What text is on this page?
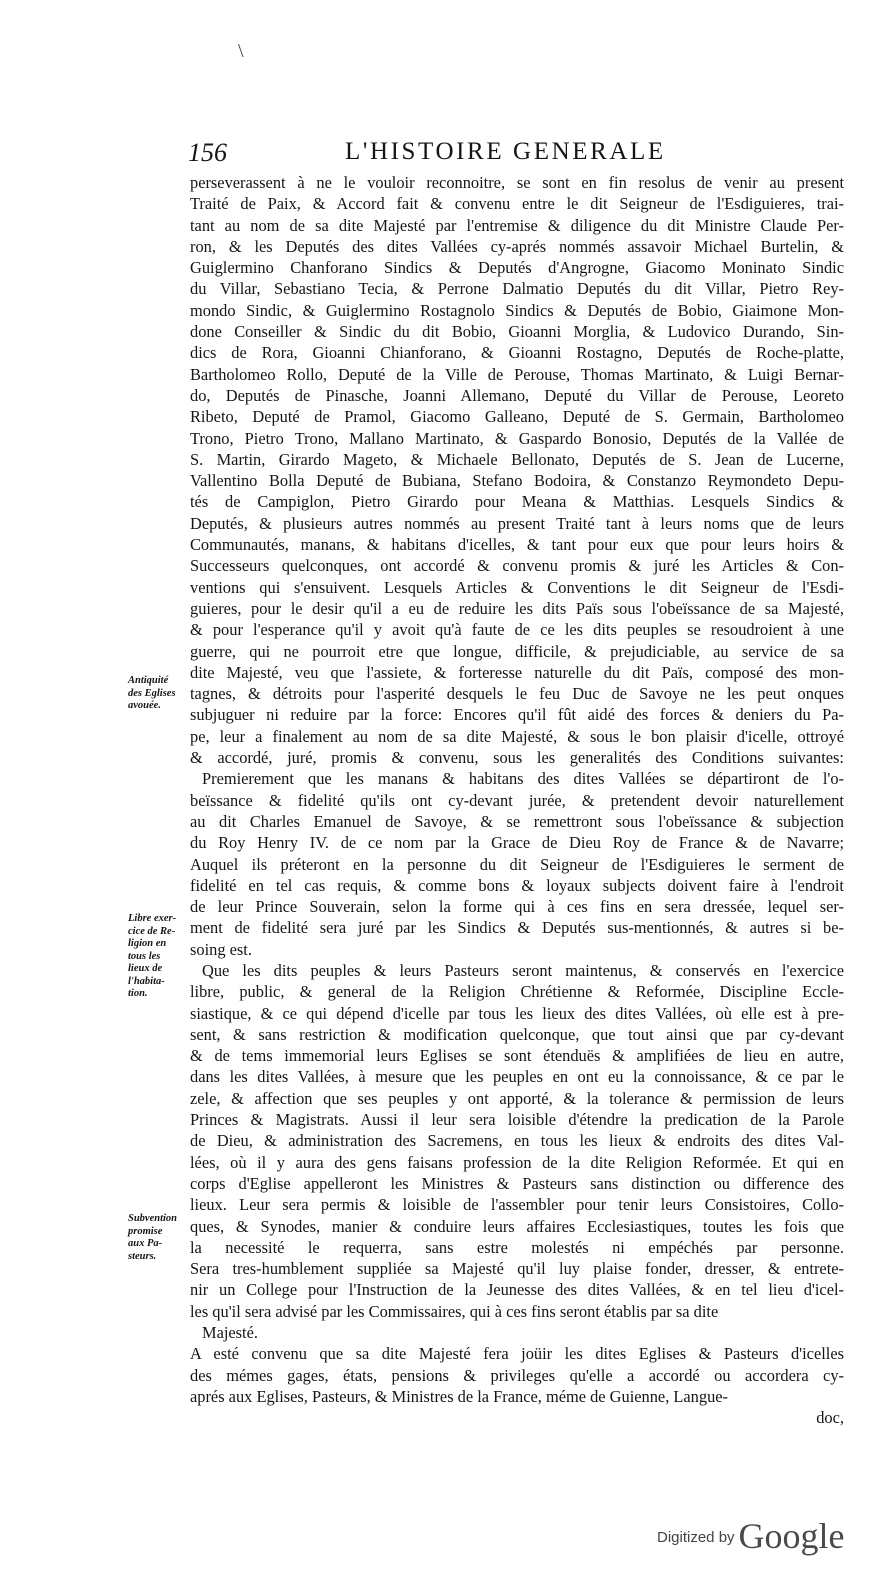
\
156	L'HISTOIRE GENERALE
Antiquité
des Eglises
avouée.
Libre exer-
cice de Re-
ligion en
tous les
lieux de
l'habita-
tion.
Subvention
promise
aux Pa-
steurs.
perseverassent à ne le vouloir reconnoitre, se sont en fin resolus de venir au present
Traité de Paix, & Accord fait & convenu entre le dit Seigneur de l'Esdiguieres, trai-
tant au nom de sa dite Majesté par l'entremise & diligence du dit Ministre Claude Per-
ron, & les Deputés des dites Vallées cy-aprés nommés assavoir Michael Burtelin, &
Guiglermino Chanforano Sindics & Deputés d'Angrogne, Giacomo Moninato Sindic
du Villar, Sebastiano Tecia, & Perrone Dalmatio Deputés du dit Villar, Pietro Rey-
mondo Sindic, & Guiglermino Rostagnolo Sindics & Deputés de Bobio, Giaimone Mon-
done Conseiller & Sindic du dit Bobio, Gioanni Morglia, & Ludovico Durando, Sin-
dics de Rora, Gioanni Chianforano, & Gioanni Rostagno, Deputés de Roche-platte,
Bartholomeo Rollo, Deputé de la Ville de Perouse, Thomas Martinato, & Luigi Bernar-
do, Deputés de Pinasche, Joanni Allemano, Deputé du Villar de Perouse, Leoreto
Ribeto, Deputé de Pramol, Giacomo Galleano, Deputé de S. Germain, Bartholomeo
Trono, Pietro Trono, Mallano Martinato, & Gaspardo Bonosio, Deputés de la Vallée de
S. Martin, Girardo Mageto, & Michaele Bellonato, Deputés de S. Jean de Lucerne,
Vallentino Bolla Deputé de Bubiana, Stefano Bodoira, & Constanzo Reymondeto Depu-
tés de Campiglon, Pietro Girardo pour Meana & Matthias. Lesquels Sindics &
Deputés, & plusieurs autres nommés au present Traité tant à leurs noms que de leurs
Communautés, manans, & habitans d'icelles, & tant pour eux que pour leurs hoirs &
Successeurs quelconques, ont accordé & convenu promis & juré les Articles & Con-
ventions qui s'ensuivent. Lesquels Articles & Conventions le dit Seigneur de l'Esdi-
guieres, pour le desir qu'il a eu de reduire les dits Païs sous l'obeïssance de sa Majesté,
& pour l'esperance qu'il y avoit qu'à faute de ce les dits peuples se resoudroient à une
guerre, qui ne pourroit etre que longue, difficile, & prejudiciable, au service de sa
dite Majesté, veu que l'assiete, & forteresse naturelle du dit Païs, composé des mon-
tagnes, & détroits pour l'asperité desquels le feu Duc de Savoye ne les peut onques
subjuguer ni reduire par la force: Encores qu'il fût aidé des forces & deniers du Pa-
pe, leur a finalement au nom de sa dite Majesté, & sous le bon plaisir d'icelle, ottroyé
& accordé, juré, promis & convenu, sous les generalités des Conditions suivantes:
Premierement que les manans & habitans des dites Vallées se départiront de l'o-
beïssance & fidelité qu'ils ont cy-devant jurée, & pretendent devoir naturellement
au dit Charles Emanuel de Savoye, & se remettront sous l'obeïssance & subjection
du Roy Henry IV. de ce nom par la Grace de Dieu Roy de France & de Navarre;
Auquel ils préteront en la personne du dit Seigneur de l'Esdiguieres le serment de
fidelité en tel cas requis, & comme bons & loyaux subjects doivent faire à l'endroit
de leur Prince Souverain, selon la forme qui à ces fins en sera dressée, lequel ser-
ment de fidelité sera juré par les Sindics & Deputés sus-mentionnés, & autres si be-
soing est.
Que les dits peuples & leurs Pasteurs seront maintenus, & conservés en l'exercice
libre, public, & general de la Religion Chrétienne & Reformée, Discipline Eccle-
siastique, & ce qui dépend d'icelle par tous les lieux des dites Vallées, où elle est à pre-
sent, & sans restriction & modification quelconque, que tout ainsi que par cy-devant
& de tems immemorial leurs Eglises se sont étenduës & amplifiées de lieu en autre,
dans les dites Vallées, à mesure que les peuples en ont eu la connoissance, & ce par le
zele, & affection que ses peuples y ont apporté, & la tolerance & permission de leurs
Princes & Magistrats. Aussi il leur sera loisible d'étendre la predication de la Parole
de Dieu, & administration des Sacremens, en tous les lieux & endroits des dites Val-
lées, où il y aura des gens faisans profession de la dite Religion Reformée. Et qui en
corps d'Eglise appelleront les Ministres & Pasteurs sans distinction ou difference des
lieux. Leur sera permis & loisible de l'assembler pour tenir leurs Consistoires, Collo-
ques, & Synodes, manier & conduire leurs affaires Ecclesiastiques, toutes les fois que
la necessité le requerra, sans estre molestés ni empéchés par personne.
Sera tres-humblement suppliée sa Majesté qu'il luy plaise fonder, dresser, & entrete-
nir un College pour l'Instruction de la Jeunesse des dites Vallées, & en tel lieu d'icel-
les qu'il sera advisé par les Commissaires, qui à ces fins seront établis par sa dite
Majesté.
A esté convenu que sa dite Majesté fera joüir les dites Eglises & Pasteurs d'icelles
des mémes gages, états, pensions & privileges qu'elle a accordé ou accordera cy-
aprés aux Eglises, Pasteurs, & Ministres de la France, méme de Guienne, Langue-
doc,
Digitized by Google
